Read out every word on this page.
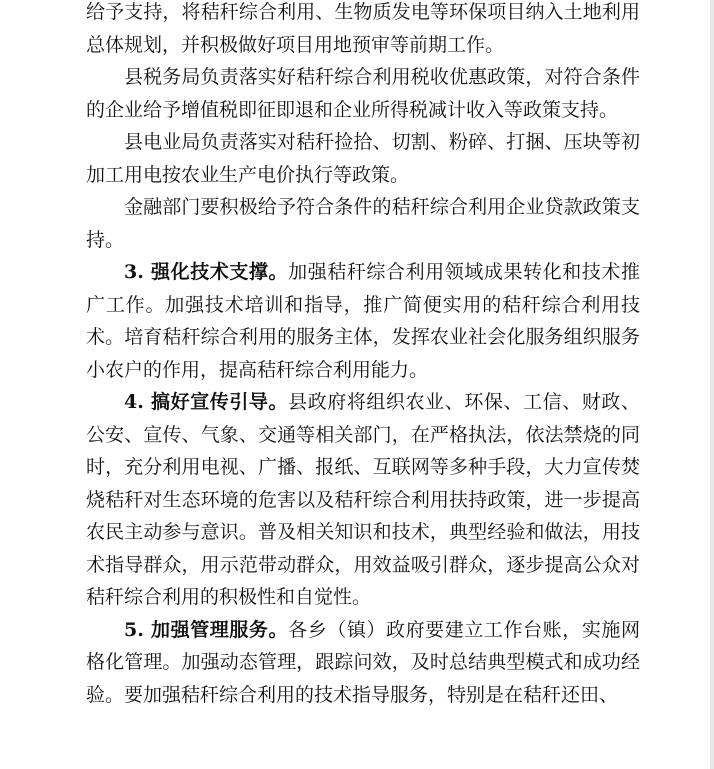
给予支持，将秸秆综合利用、生物质发电等环保项目纳入土地利用总体规划，并积极做好项目用地预审等前期工作。

县税务局负责落实好秸秆综合利用税收优惠政策，对符合条件的企业给予增值税即征即退和企业所得税减计收入等政策支持。

县电业局负责落实对秸秆捡拾、切割、粉碎、打捆、压块等初加工用电按农业生产电价执行等政策。

金融部门要积极给予符合条件的秸秆综合利用企业贷款政策支持。

3. 强化技术支撑。加强秸秆综合利用领域成果转化和技术推广工作。加强技术培训和指导，推广简便实用的秸秆综合利用技术。培育秸秆综合利用的服务主体，发挥农业社会化服务组织服务小农户的作用，提高秸秆综合利用能力。

4. 搞好宣传引导。县政府将组织农业、环保、工信、财政、公安、宣传、气象、交通等相关部门，在严格执法，依法禁烧的同时，充分利用电视、广播、报纸、互联网等多种手段，大力宣传焚烧秸秆对生态环境的危害以及秸秆综合利用扶持政策，进一步提高农民主动参与意识。普及相关知识和技术，典型经验和做法，用技术指导群众，用示范带动群众，用效益吸引群众，逐步提高公众对秸秆综合利用的积极性和自觉性。

5. 加强管理服务。各乡（镇）政府要建立工作台账，实施网格化管理。加强动态管理，跟踪问效，及时总结典型模式和成功经验。要加强秸秆综合利用的技术指导服务，特别是在秸秆还田、
